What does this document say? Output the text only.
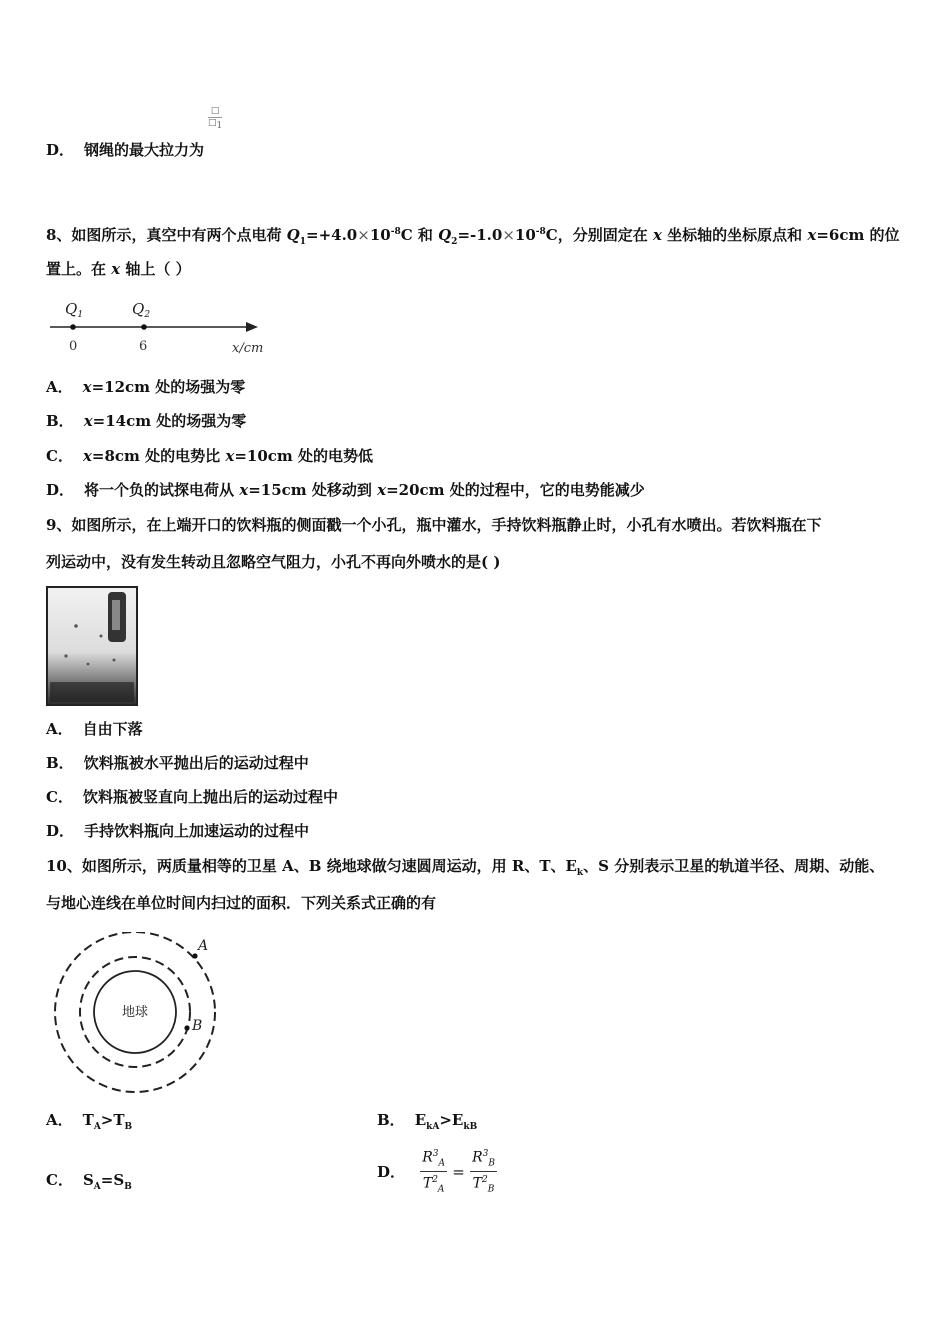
□
$□_1$
D． 钢绳的最大拉力为
8、如图所示，真空中有两个点电荷 $Q_1=+4.0\times 10^{-8}C$ 和 $Q_2=-1.0\times 10^{-8}C$，分别固定在 x 坐标轴的坐标原点和 x=6cm 的位
置上。在 x 轴上（ ）
$Q_1$	$Q_2$
0	6	x/cm
A． x=12cm 处的场强为零
B． x=14cm 处的场强为零
C． x=8cm 处的电势比 x=10cm 处的电势低
D． 将一个负的试探电荷从 x=15cm 处移动到 x=20cm 处的过程中，它的电势能减少
9、如图所示，在上端开口的饮料瓶的侧面戳一个小孔，瓶中灌水，手持饮料瓶静止时，小孔有水喷出。若饮料瓶在下
列运动中，没有发生转动且忽略空气阻力，小孔不再向外喷水的是( )
A． 自由下落
B． 饮料瓶被水平抛出后的运动过程中
C． 饮料瓶被竖直向上抛出后的运动过程中
D． 手持饮料瓶向上加速运动的过程中
10、如图所示，两质量相等的卫星 A、B 绕地球做匀速圆周运动，用 R、T、$E_k$、S 分别表示卫星的轨道半径、周期、动能、
与地心连线在单位时间内扫过的面积．下列关系式正确的有
地球
A
B
A． $T_A>T_B$	B． $E_{kA}>E_{kB}$
C． $S_A=S_B$
D． $\frac{R^3_A}{T^2_A} = \frac{R^3_B}{T^2_B}$
